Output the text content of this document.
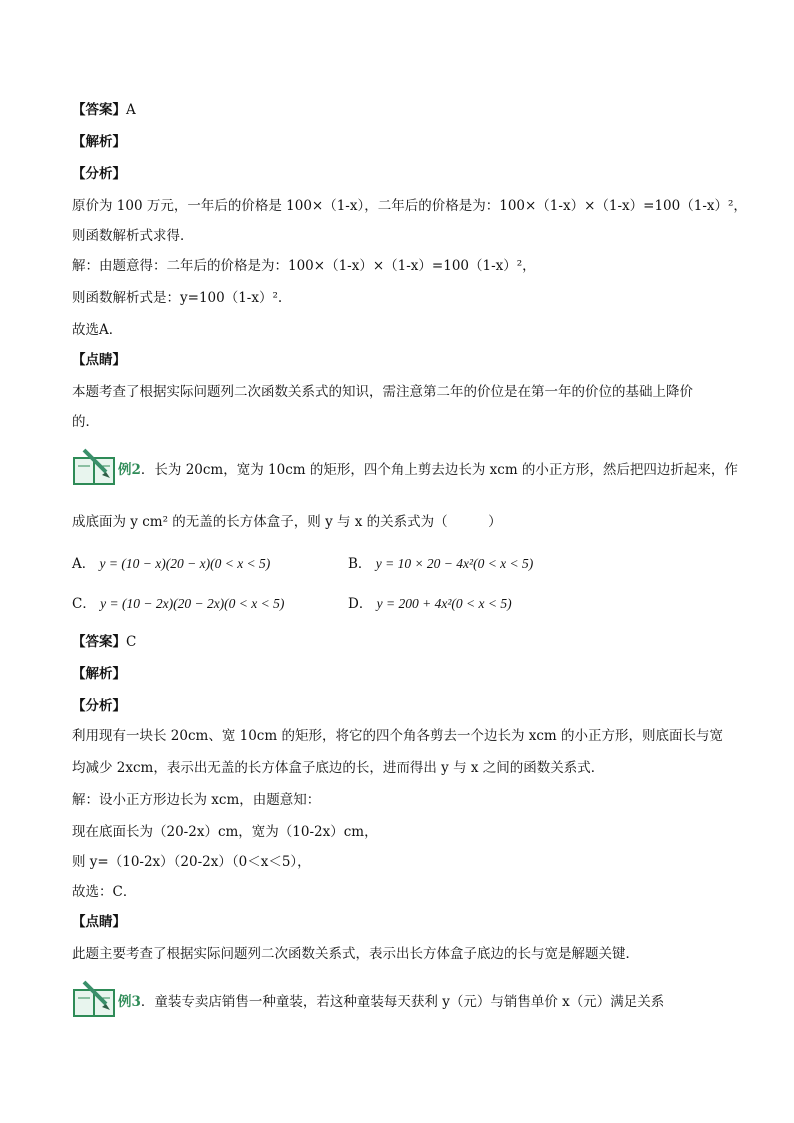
【答案】A
【解析】
【分析】
原价为 100 万元，一年后的价格是 100×（1-x），二年后的价格是为：100×（1-x）×（1-x）=100（1-x）²，
则函数解析式求得．
解：由题意得：二年后的价格是为：100×（1-x）×（1-x）=100（1-x）²，
则函数解析式是：y=100（1-x）².
故选A．
【点睛】
本题考查了根据实际问题列二次函数关系式的知识，需注意第二年的价位是在第一年的价位的基础上降价
的．
例2．长为 20cm，宽为 10cm 的矩形，四个角上剪去边长为 xcm 的小正方形，然后把四边折起来，作
成底面为 y cm² 的无盖的长方体盒子，则 y 与 x 的关系式为（　　　）
A． y = (10 − x)(20 − x)(0 < x < 5)	B． y = 10 × 20 − 4x²(0 < x < 5)
C． y = (10 − 2x)(20 − 2x)(0 < x < 5)	D． y = 200 + 4x²(0 < x < 5)
【答案】C
【解析】
【分析】
利用现有一块长 20cm、宽 10cm 的矩形，将它的四个角各剪去一个边长为 xcm 的小正方形，则底面长与宽
均减少 2xcm，表示出无盖的长方体盒子底边的长，进而得出 y 与 x 之间的函数关系式．
解：设小正方形边长为 xcm，由题意知：
现在底面长为（20-2x）cm，宽为（10-2x）cm，
则 y=（10-2x）（20-2x）（0＜x＜5），
故选：C．
【点睛】
此题主要考查了根据实际问题列二次函数关系式，表示出长方体盒子底边的长与宽是解题关键．
例3．童装专卖店销售一种童装，若这种童装每天获利 y（元）与销售单价 x（元）满足关系
